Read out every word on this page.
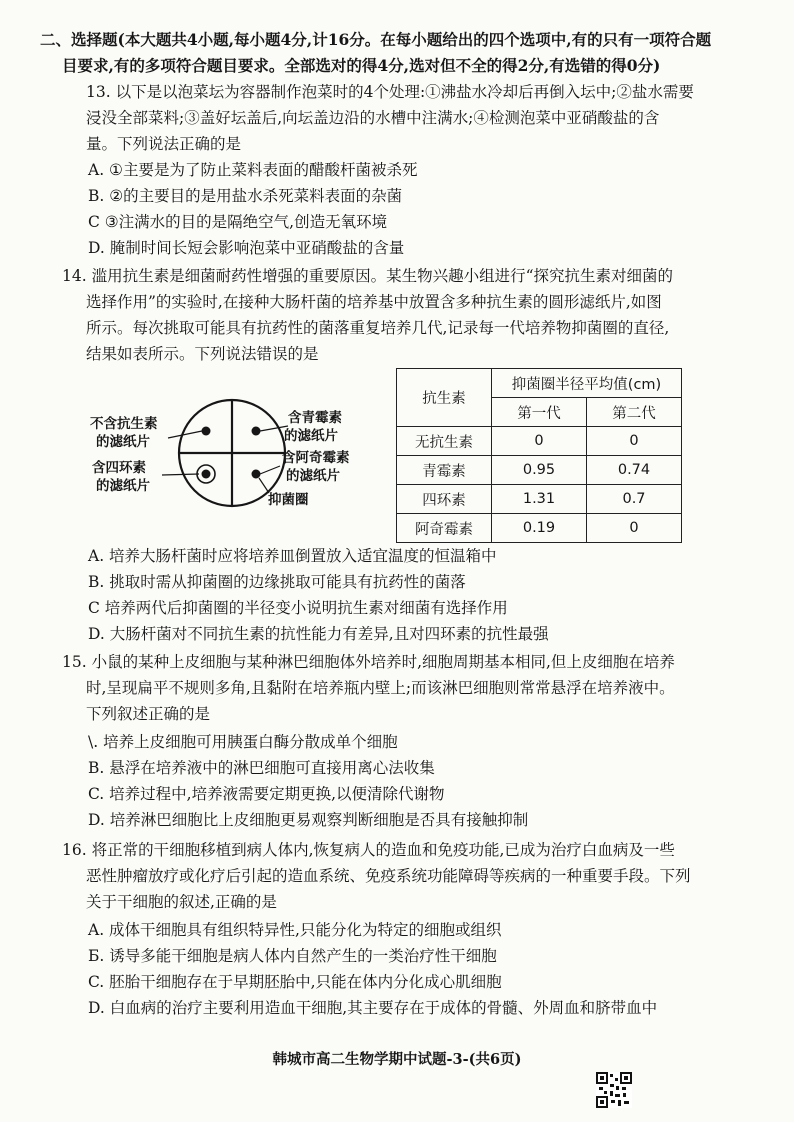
二、选择题(本大题共4小题,每小题4分,计16分。在每小题给出的四个选项中,有的只有一项符合题
目要求,有的多项符合题目要求。全部选对的得4分,选对但不全的得2分,有选错的得0分)
13. 以下是以泡菜坛为容器制作泡菜时的4个处理:①沸盐水冷却后再倒入坛中;②盐水需要
浸没全部菜料;③盖好坛盖后,向坛盖边沿的水槽中注满水;④检测泡菜中亚硝酸盐的含
量。下列说法正确的是
A. ①主要是为了防止菜料表面的醋酸杆菌被杀死
B. ②的主要目的是用盐水杀死菜料表面的杂菌
C ③注满水的目的是隔绝空气,创造无氧环境
D. 腌制时间长短会影响泡菜中亚硝酸盐的含量
14. 滥用抗生素是细菌耐药性增强的重要原因。某生物兴趣小组进行“探究抗生素对细菌的
选择作用”的实验时,在接种大肠杆菌的培养基中放置含多种抗生素的圆形滤纸片,如图
所示。每次挑取可能具有抗药性的菌落重复培养几代,记录每一代培养物抑菌圈的直径,
结果如表所示。下列说法错误的是
不含抗生素
的滤纸片
含四环素
的滤纸片
含青霉素
的滤纸片
含阿奇霉素
的滤纸片
抑菌圈
抗生素	抑菌圈半径平均值(cm)	
	第一代	第二代
无抗生素	0	0
青霉素	0.95	0.74
四环素	1.31	0.7
阿奇霉素	0.19	0
A. 培养大肠杆菌时应将培养皿倒置放入适宜温度的恒温箱中
B. 挑取时需从抑菌圈的边缘挑取可能具有抗药性的菌落
C 培养两代后抑菌圈的半径变小说明抗生素对细菌有选择作用
D. 大肠杆菌对不同抗生素的抗性能力有差异,且对四环素的抗性最强
15. 小鼠的某种上皮细胞与某种淋巴细胞体外培养时,细胞周期基本相同,但上皮细胞在培养
时,呈现扁平不规则多角,且黏附在培养瓶内壁上;而该淋巴细胞则常常悬浮在培养液中。
下列叙述正确的是
\. 培养上皮细胞可用胰蛋白酶分散成单个细胞
B. 悬浮在培养液中的淋巴细胞可直接用离心法收集
C. 培养过程中,培养液需要定期更换,以便清除代谢物
D. 培养淋巴细胞比上皮细胞更易观察判断细胞是否具有接触抑制
16. 将正常的干细胞移植到病人体内,恢复病人的造血和免疫功能,已成为治疗白血病及一些
恶性肿瘤放疗或化疗后引起的造血系统、免疫系统功能障碍等疾病的一种重要手段。下列
关于干细胞的叙述,正确的是
A. 成体干细胞具有组织特异性,只能分化为特定的细胞或组织
Б. 诱导多能干细胞是病人体内自然产生的一类治疗性干细胞
C. 胚胎干细胞存在于早期胚胎中,只能在体内分化成心肌细胞
D. 白血病的治疗主要利用造血干细胞,其主要存在于成体的骨髓、外周血和脐带血中
韩城市高二生物学期中试题-3-(共6页)
